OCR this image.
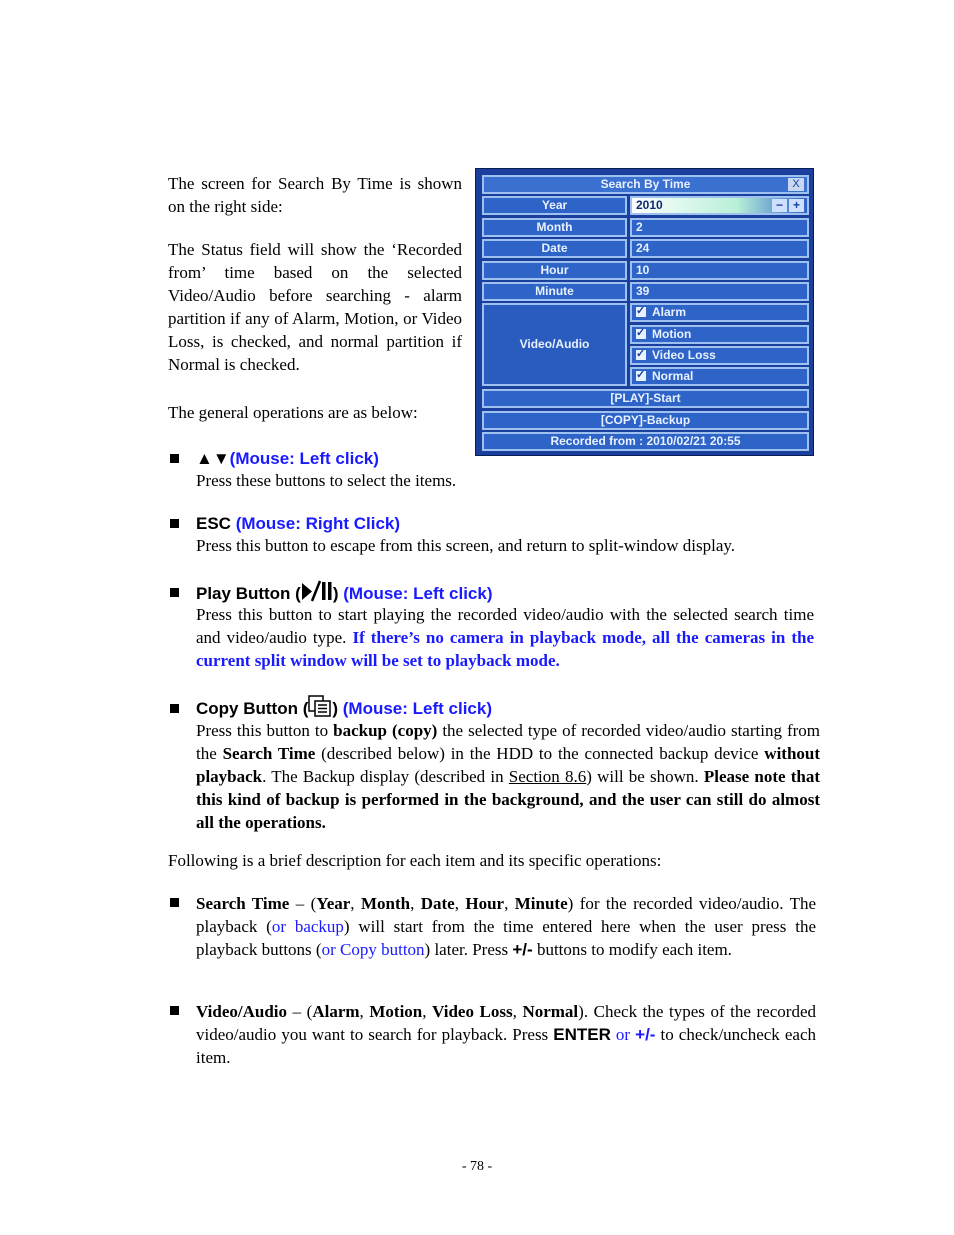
The screen for Search By Time is shown on the right side:

The Status field will show the ‘Recorded from’ time based on the selected Video/Audio before searching - alarm partition if any of Alarm, Motion, or Video Loss, is checked, and normal partition if Normal is checked.

The general operations are as below:

Search By Time	X
Year	2010	− +
Month	2
Date	24
Hour	10
Minute	39
Video/Audio
✓Alarm
✓Motion
✓Video Loss
✓Normal
[PLAY]-Start
[COPY]-Backup
Recorded from : 2010/02/21 20:55
▲▼(Mouse: Left click)

Press these buttons to select the items.

ESC (Mouse: Right Click)

Press this button to escape from this screen, and return to split-window display.

Play Button ( ) (Mouse: Left click)

Press this button to start playing the recorded video/audio with the selected search time and video/audio type. If there’s no camera in playback mode, all the cameras in the current split window will be set to playback mode.

Copy Button ( ) (Mouse: Left click)

Press this button to backup (copy) the selected type of recorded video/audio starting from the Search Time (described below) in the HDD to the connected backup device without playback. The Backup display (described in Section 8.6) will be shown. Please note that this kind of backup is performed in the background, and the user can still do almost all the operations.

Following is a brief description for each item and its specific operations:

Search Time – (Year, Month, Date, Hour, Minute) for the recorded video/audio. The playback (or backup) will start from the time entered here when the user press the playback buttons (or Copy button) later. Press +/- buttons to modify each item.

Video/Audio – (Alarm, Motion, Video Loss, Normal). Check the types of the recorded video/audio you want to search for playback. Press ENTER or +/- to check/uncheck each item.

- 78 -
